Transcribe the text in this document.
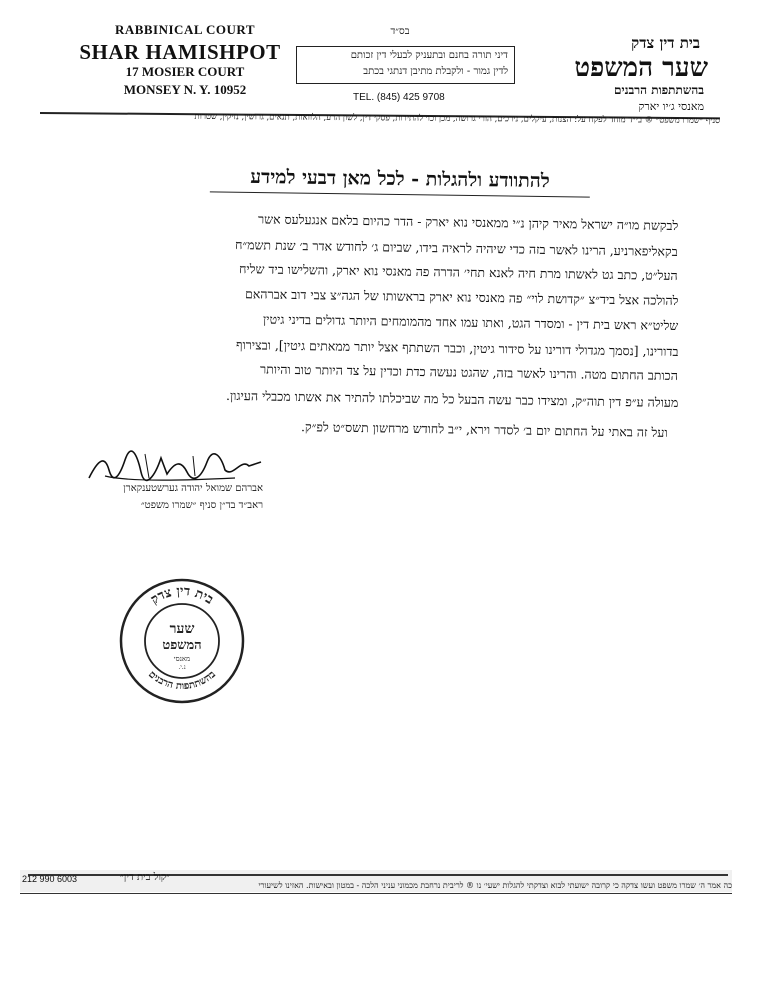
RABBINICAL COURT
SHAR HAMISHPOT
17 MOSIER COURT
MONSEY N. Y. 10952
בס״ד
דיני תורה בחנם ובתעניק לבעלי דין זכותם
לדין גמור - ולקבלת מתיבן דנתגי בכתב
TEL. (845) 425 9708
בית דין צדק
שער המשפט
בהשתתפות הרבנים
מאנסי ג׳יו יארק
סניף ״שמרו משפט״ ® בי״ד מוחד לפקח על: הצנות, עיקלים, נירכים, הורי גרושה, מכן וכו׳ להתירות, פסקי דין, לשון הרע, הלוואות, תנאים, גרושין, נזיקין, שטרות
להתוודע ולהגלות - לכל מאן דבעי למידע
לבקשת מו״ה ישראל מאיר קיהן נ״י ממאנסי נוא יארק - הדר כהיום בלאם אנגעלעס אשר
בקאליפארניע, הרינו לאשר בזה כדי שיהיה לראיה בידו, שביום ג׳ לחודש אדר ב׳ שנת תשמ״ח
העל״ט, כתב גט לאשתו מרת חיה לאנא תחי׳ הדרה פה מאנסי נוא יארק, והשלישו ביד שליח
להולכה אצל ביד״צ ״קדושת לוי״ פה מאנסי נוא יארק בראשותו של הגה״צ צבי דוב אברהאם
שליט״א ראש בית דין - ומסדר הגט, ואתו עמו אחד מהמומחים היותר גדולים בדיני גיטין
בדורינו, [נסמך מגדולי דורינו על סידור גיטין, וכבר השתתף אצל יותר ממאתים גיטין], ובצירוף
הכותב החתום מטה. והרינו לאשר בזה, שהגט נעשה כדת וכדין על צד היותר טוב והיותר
מעולה ע״פ דין תוה״ק, ומצידו כבר עשה הבעל כל מה שביכלתו להתיר את אשתו מכבלי העיגון.
ועל זה באתי על החתום יום ב׳ לסדר וירא, י״ב לחודש מרחשון תשס״ט לפ״ק.
אברהם שמואל יהודה גערשטענקארן
ראב״ד בד״ן סניף ״שמרו משפט״
בית דין צדק
בהשתתפות הרבנים
שער
המשפט
מאנסי
נ.י.
212 990 6003	״קול בית דין״
כה אמר ה׳ שמרו משפט ועשו צדקה כי קרובה ישועתי לבוא וצדקתי להגלות ישעי׳ נו ® לריבית נרחבת מכמוני עניני הלכה - במטון ובאישות. האזינו לשיעורי
